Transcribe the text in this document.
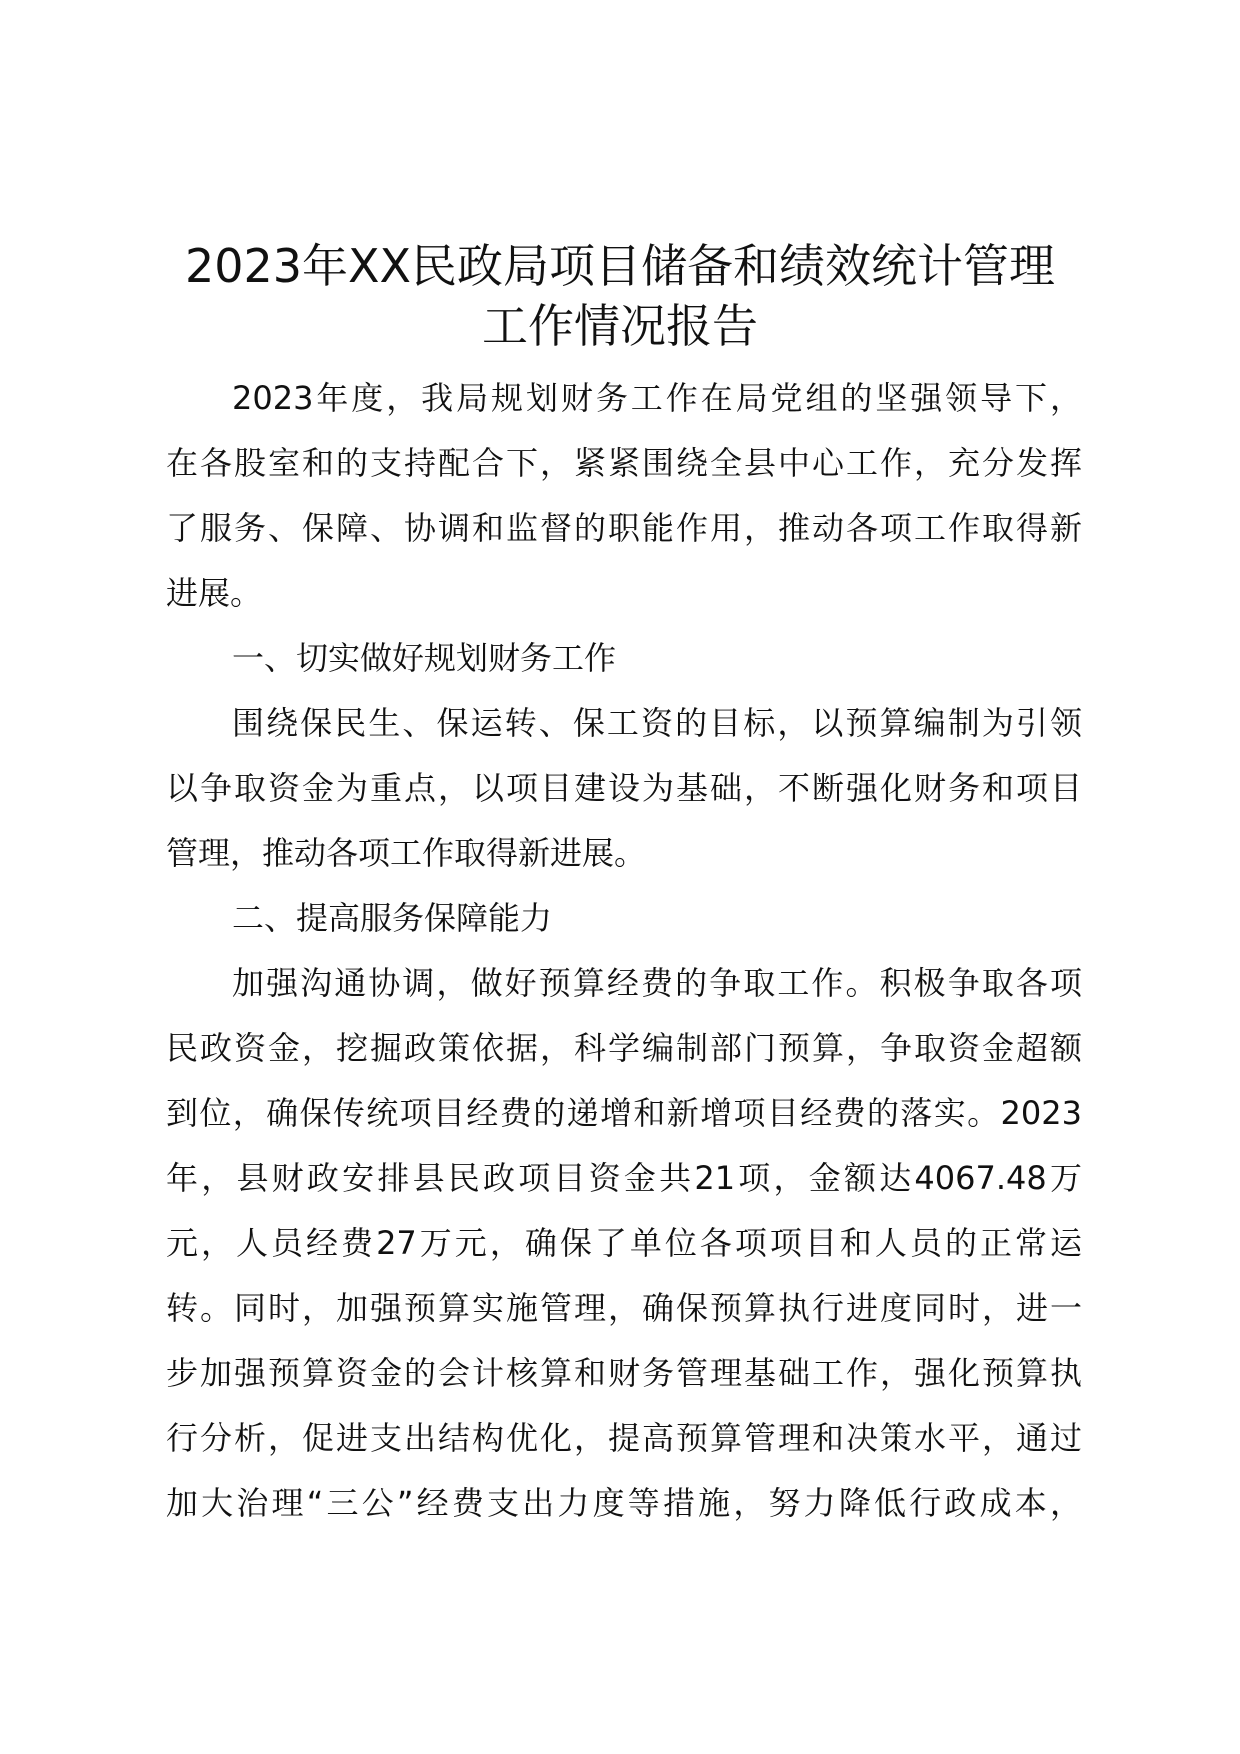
2023年XX民政局项目储备和绩效统计管理
工作情况报告
2023年度，我局规划财务工作在局党组的坚强领导下，
在各股室和的支持配合下，紧紧围绕全县中心工作，充分发挥
了服务、保障、协调和监督的职能作用，推动各项工作取得新
进展。
一、切实做好规划财务工作
围绕保民生、保运转、保工资的目标，以预算编制为引领
以争取资金为重点，以项目建设为基础，不断强化财务和项目
管理，推动各项工作取得新进展。
二、提高服务保障能力
加强沟通协调，做好预算经费的争取工作。积极争取各项
民政资金，挖掘政策依据，科学编制部门预算，争取资金超额
到位，确保传统项目经费的递增和新增项目经费的落实。2023
年，县财政安排县民政项目资金共21项，金额达4067.48万
元，人员经费27万元，确保了单位各项项目和人员的正常运
转。同时，加强预算实施管理，确保预算执行进度同时，进一
步加强预算资金的会计核算和财务管理基础工作，强化预算执
行分析，促进支出结构优化，提高预算管理和决策水平，通过
加大治理“三公”经费支出力度等措施，努力降低行政成本，
